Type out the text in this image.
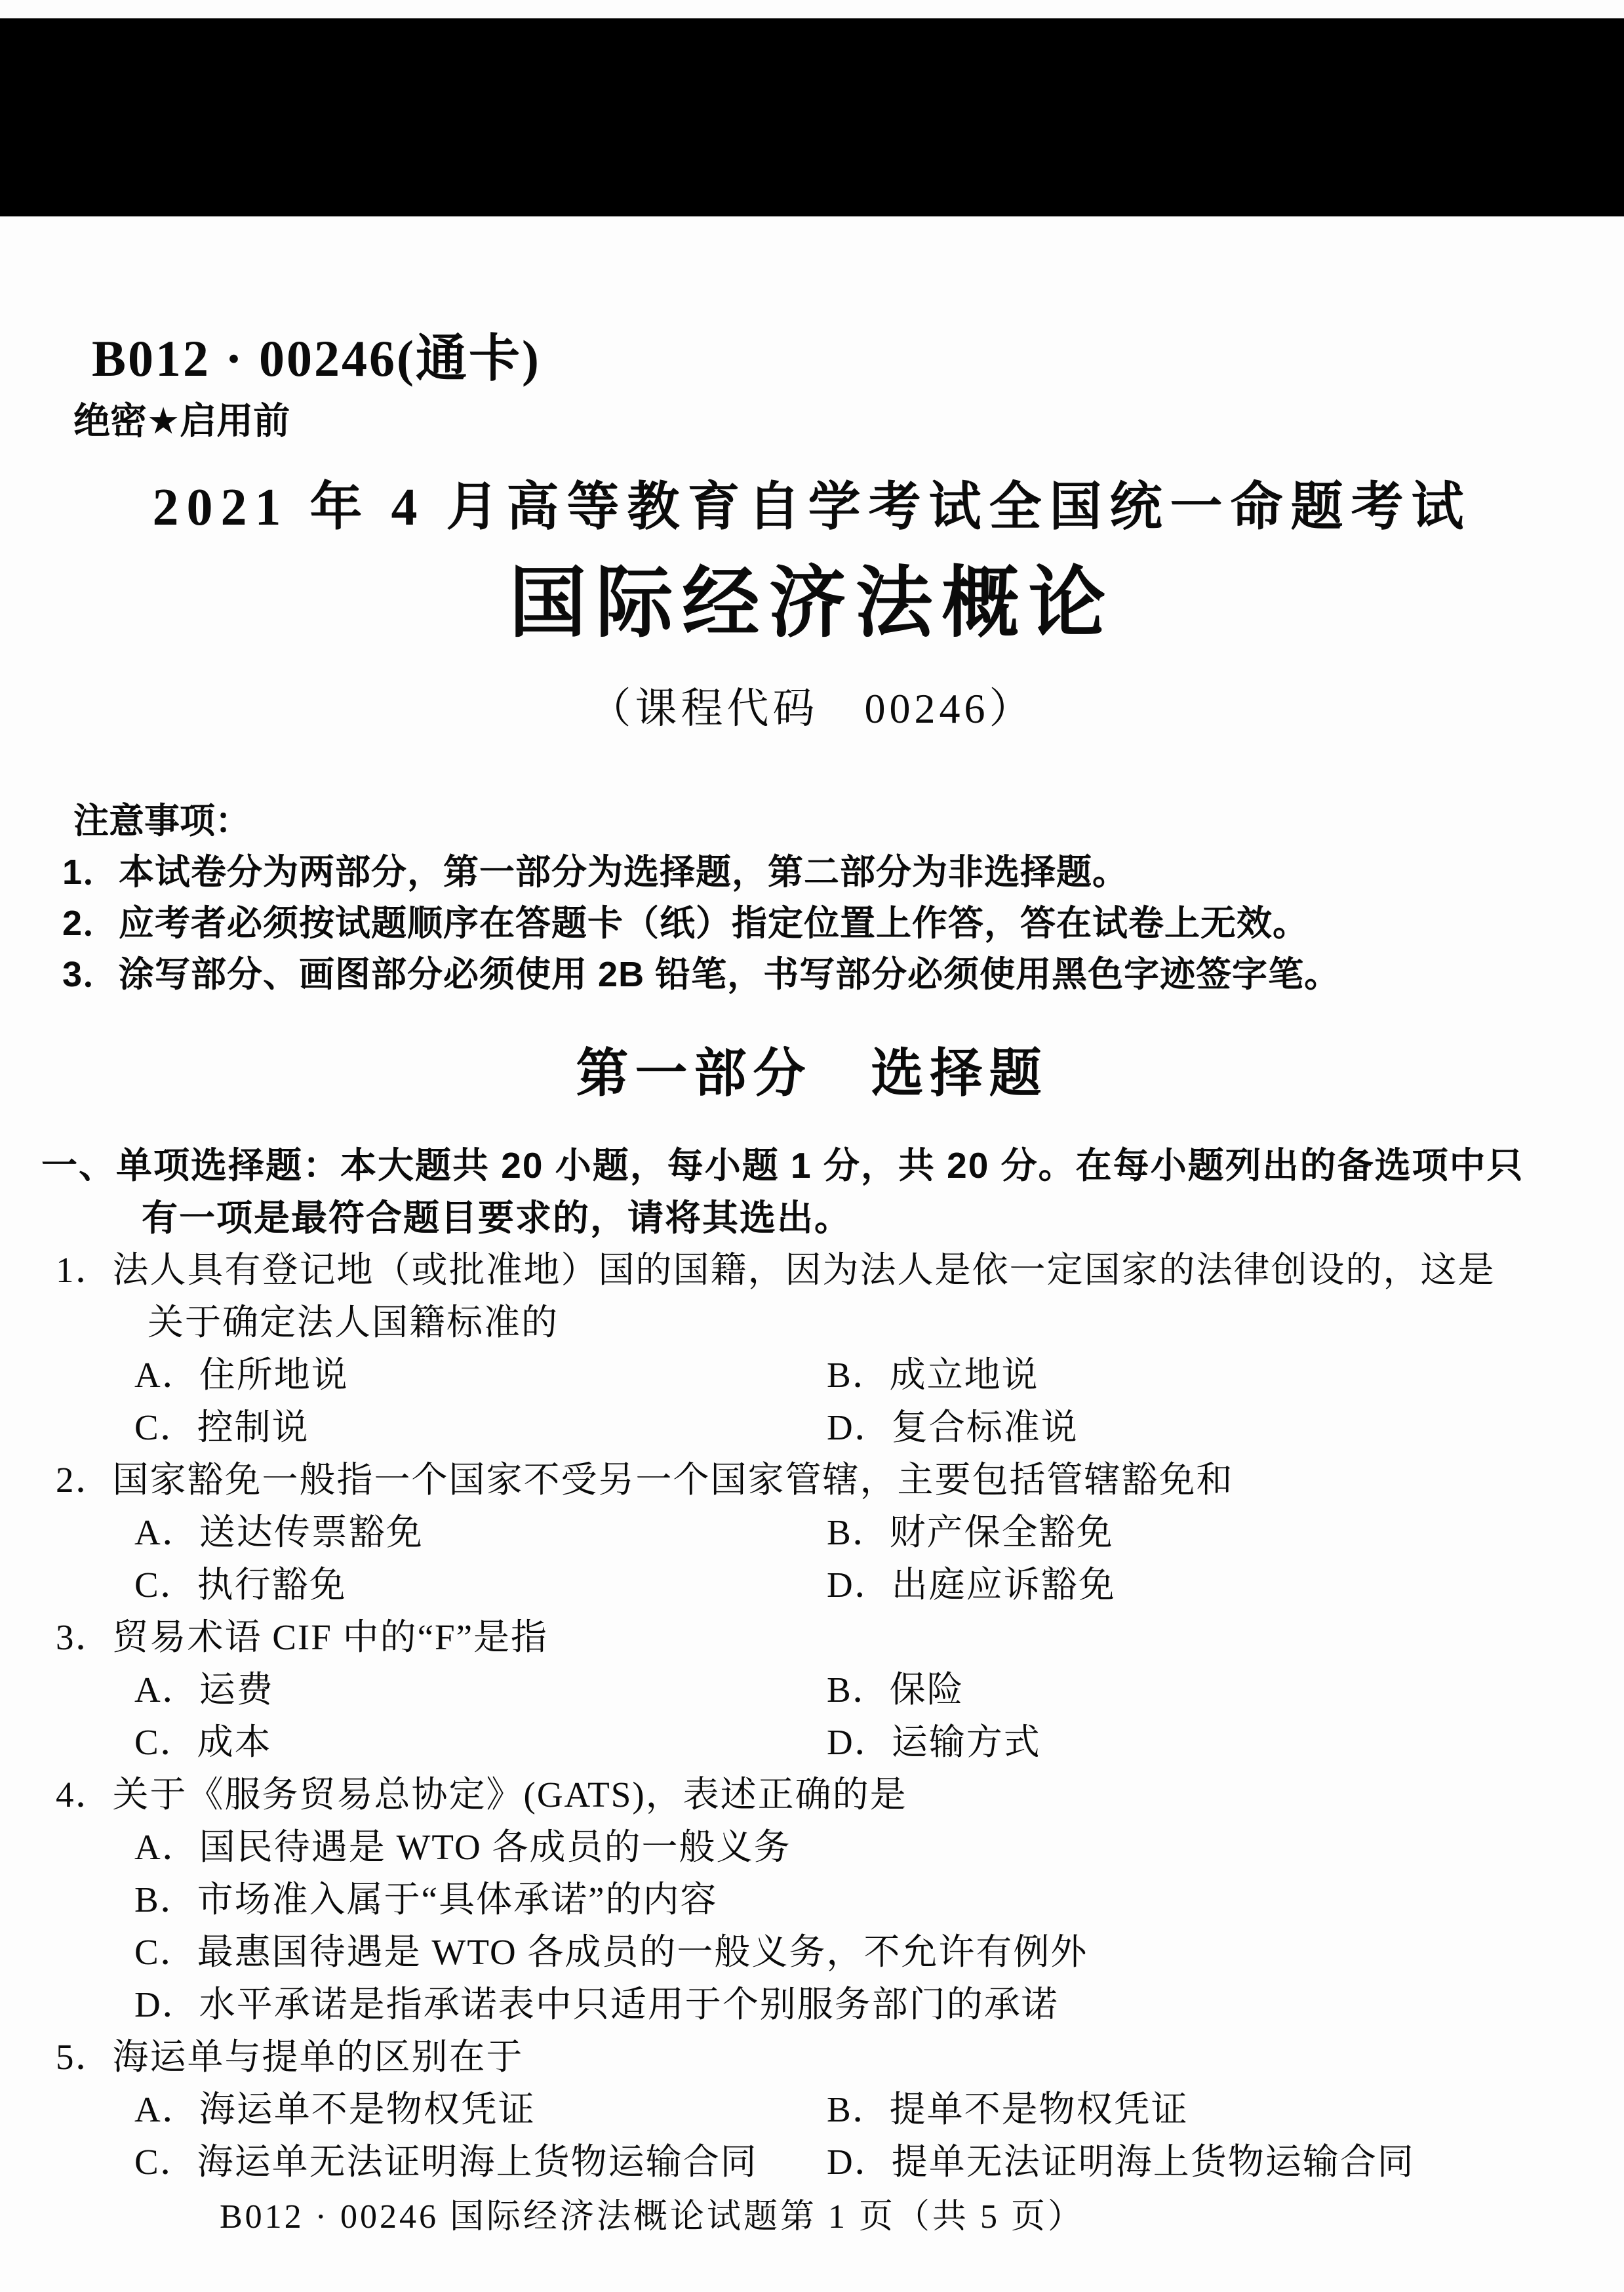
B012 · 00246(通卡)
绝密★启用前
2021 年 4 月高等教育自学考试全国统一命题考试
国际经济法概论
（课程代码　00246）
注意事项：
1．本试卷分为两部分，第一部分为选择题，第二部分为非选择题。
2．应考者必须按试题顺序在答题卡（纸）指定位置上作答，答在试卷上无效。
3．涂写部分、画图部分必须使用 2B 铅笔，书写部分必须使用黑色字迹签字笔。
第一部分　选择题
一、单项选择题：本大题共 20 小题，每小题 1 分，共 20 分。在每小题列出的备选项中只有一项是最符合题目要求的，请将其选出。
1．法人具有登记地（或批准地）国的国籍，因为法人是依一定国家的法律创设的，这是关于确定法人国籍标准的
A．住所地说	B．成立地说
C．控制说	D．复合标准说
2．国家豁免一般指一个国家不受另一个国家管辖，主要包括管辖豁免和
A．送达传票豁免	B．财产保全豁免
C．执行豁免	D．出庭应诉豁免
3．贸易术语 CIF 中的“F”是指
A．运费	B．保险
C．成本	D．运输方式
4．关于《服务贸易总协定》(GATS)，表述正确的是
A．国民待遇是 WTO 各成员的一般义务
B．市场准入属于“具体承诺”的内容
C．最惠国待遇是 WTO 各成员的一般义务，不允许有例外
D．水平承诺是指承诺表中只适用于个别服务部门的承诺
5．海运单与提单的区别在于
A．海运单不是物权凭证	B．提单不是物权凭证
C．海运单无法证明海上货物运输合同	D．提单无法证明海上货物运输合同
B012 · 00246 国际经济法概论试题第 1 页（共 5 页）
